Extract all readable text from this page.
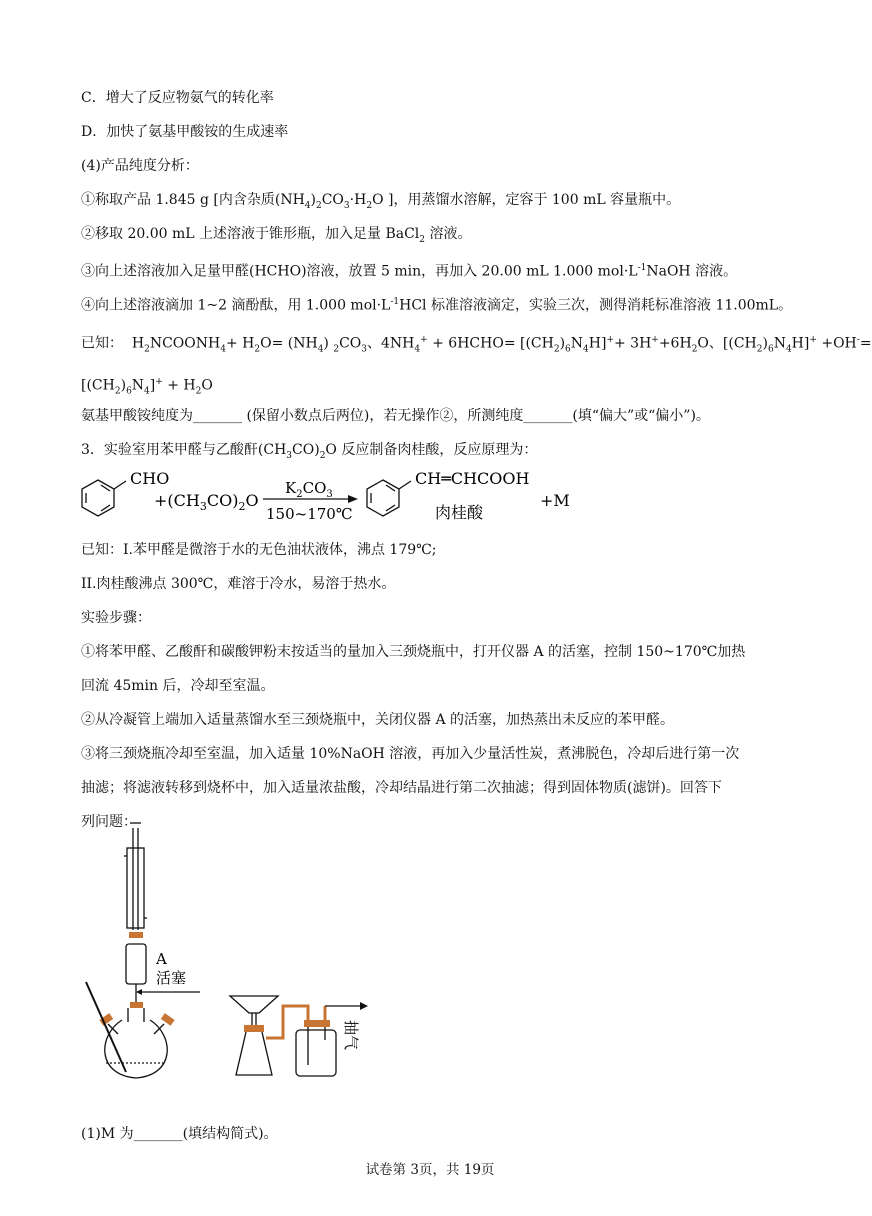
C．增大了反应物氨气的转化率
D．加快了氨基甲酸铵的生成速率
(4)产品纯度分析：
①称取产品 1.845 g [内含杂质$(NH_4)_2CO_3\cdot H_2O$ ]，用蒸馏水溶解，定容于 100 mL 容量瓶中。
②移取 20.00 mL 上述溶液于锥形瓶，加入足量 BaCl$_2$ 溶液。
③向上述溶液加入足量甲醛(HCHO)溶液，放置 5 min，再加入 20.00 mL 1.000 $mol\cdot L^{-1}NaOH$ 溶液。
④向上述溶液滴加 1~2 滴酚酞，用 1.000 $mol\cdot L^{-1}HCl$ 标准溶液滴定，实验三次，测得消耗标准溶液 11.00mL。
已知：  $H_2NCOONH_4+ H_2O= (NH_4)$ $_2CO_3$、$4NH_4^+$ + 6HCHO= $[(CH_2)_6N_4H]^++ 3H^++6H_2O$、$[(CH_2)_6N_4H]^+ +OH^-=$
$[(CH_2)_6N_4]^+ + H_2O$
氨基甲酸铵纯度为_______ (保留小数点后两位)，若无操作②，所测纯度_______(填“偏大”或“偏小”)。
3．实验室用苯甲醛与乙酸酐$(CH_3CO)_2O$ 反应制备肉桂酸，反应原理为：
CHO
$+(CH_3CO)_2O$
$K_2CO_3$
150~170℃
CH═CHCOOH
肉桂酸
+M
已知：I.苯甲醛是微溶于水的无色油状液体，沸点 179℃;
II.肉桂酸沸点 300℃，难溶于冷水，易溶于热水。
实验步骤：
①将苯甲醛、乙酸酐和碳酸钾粉末按适当的量加入三颈烧瓶中，打开仪器 A 的活塞，控制 150~170℃加热
回流 45min 后，冷却至室温。
②从冷凝管上端加入适量蒸馏水至三颈烧瓶中，关闭仪器 A 的活塞，加热蒸出未反应的苯甲醛。
③将三颈烧瓶冷却至室温，加入适量 10%NaOH 溶液，再加入少量活性炭，煮沸脱色，冷却后进行第一次
抽滤；将滤液转移到烧杯中，加入适量浓盐酸，冷却结晶进行第二次抽滤；得到固体物质(滤饼)。回答下
列问题：
A
活塞
抽气
(1)M 为_______(填结构简式)。
试卷第 3页，共 19页
